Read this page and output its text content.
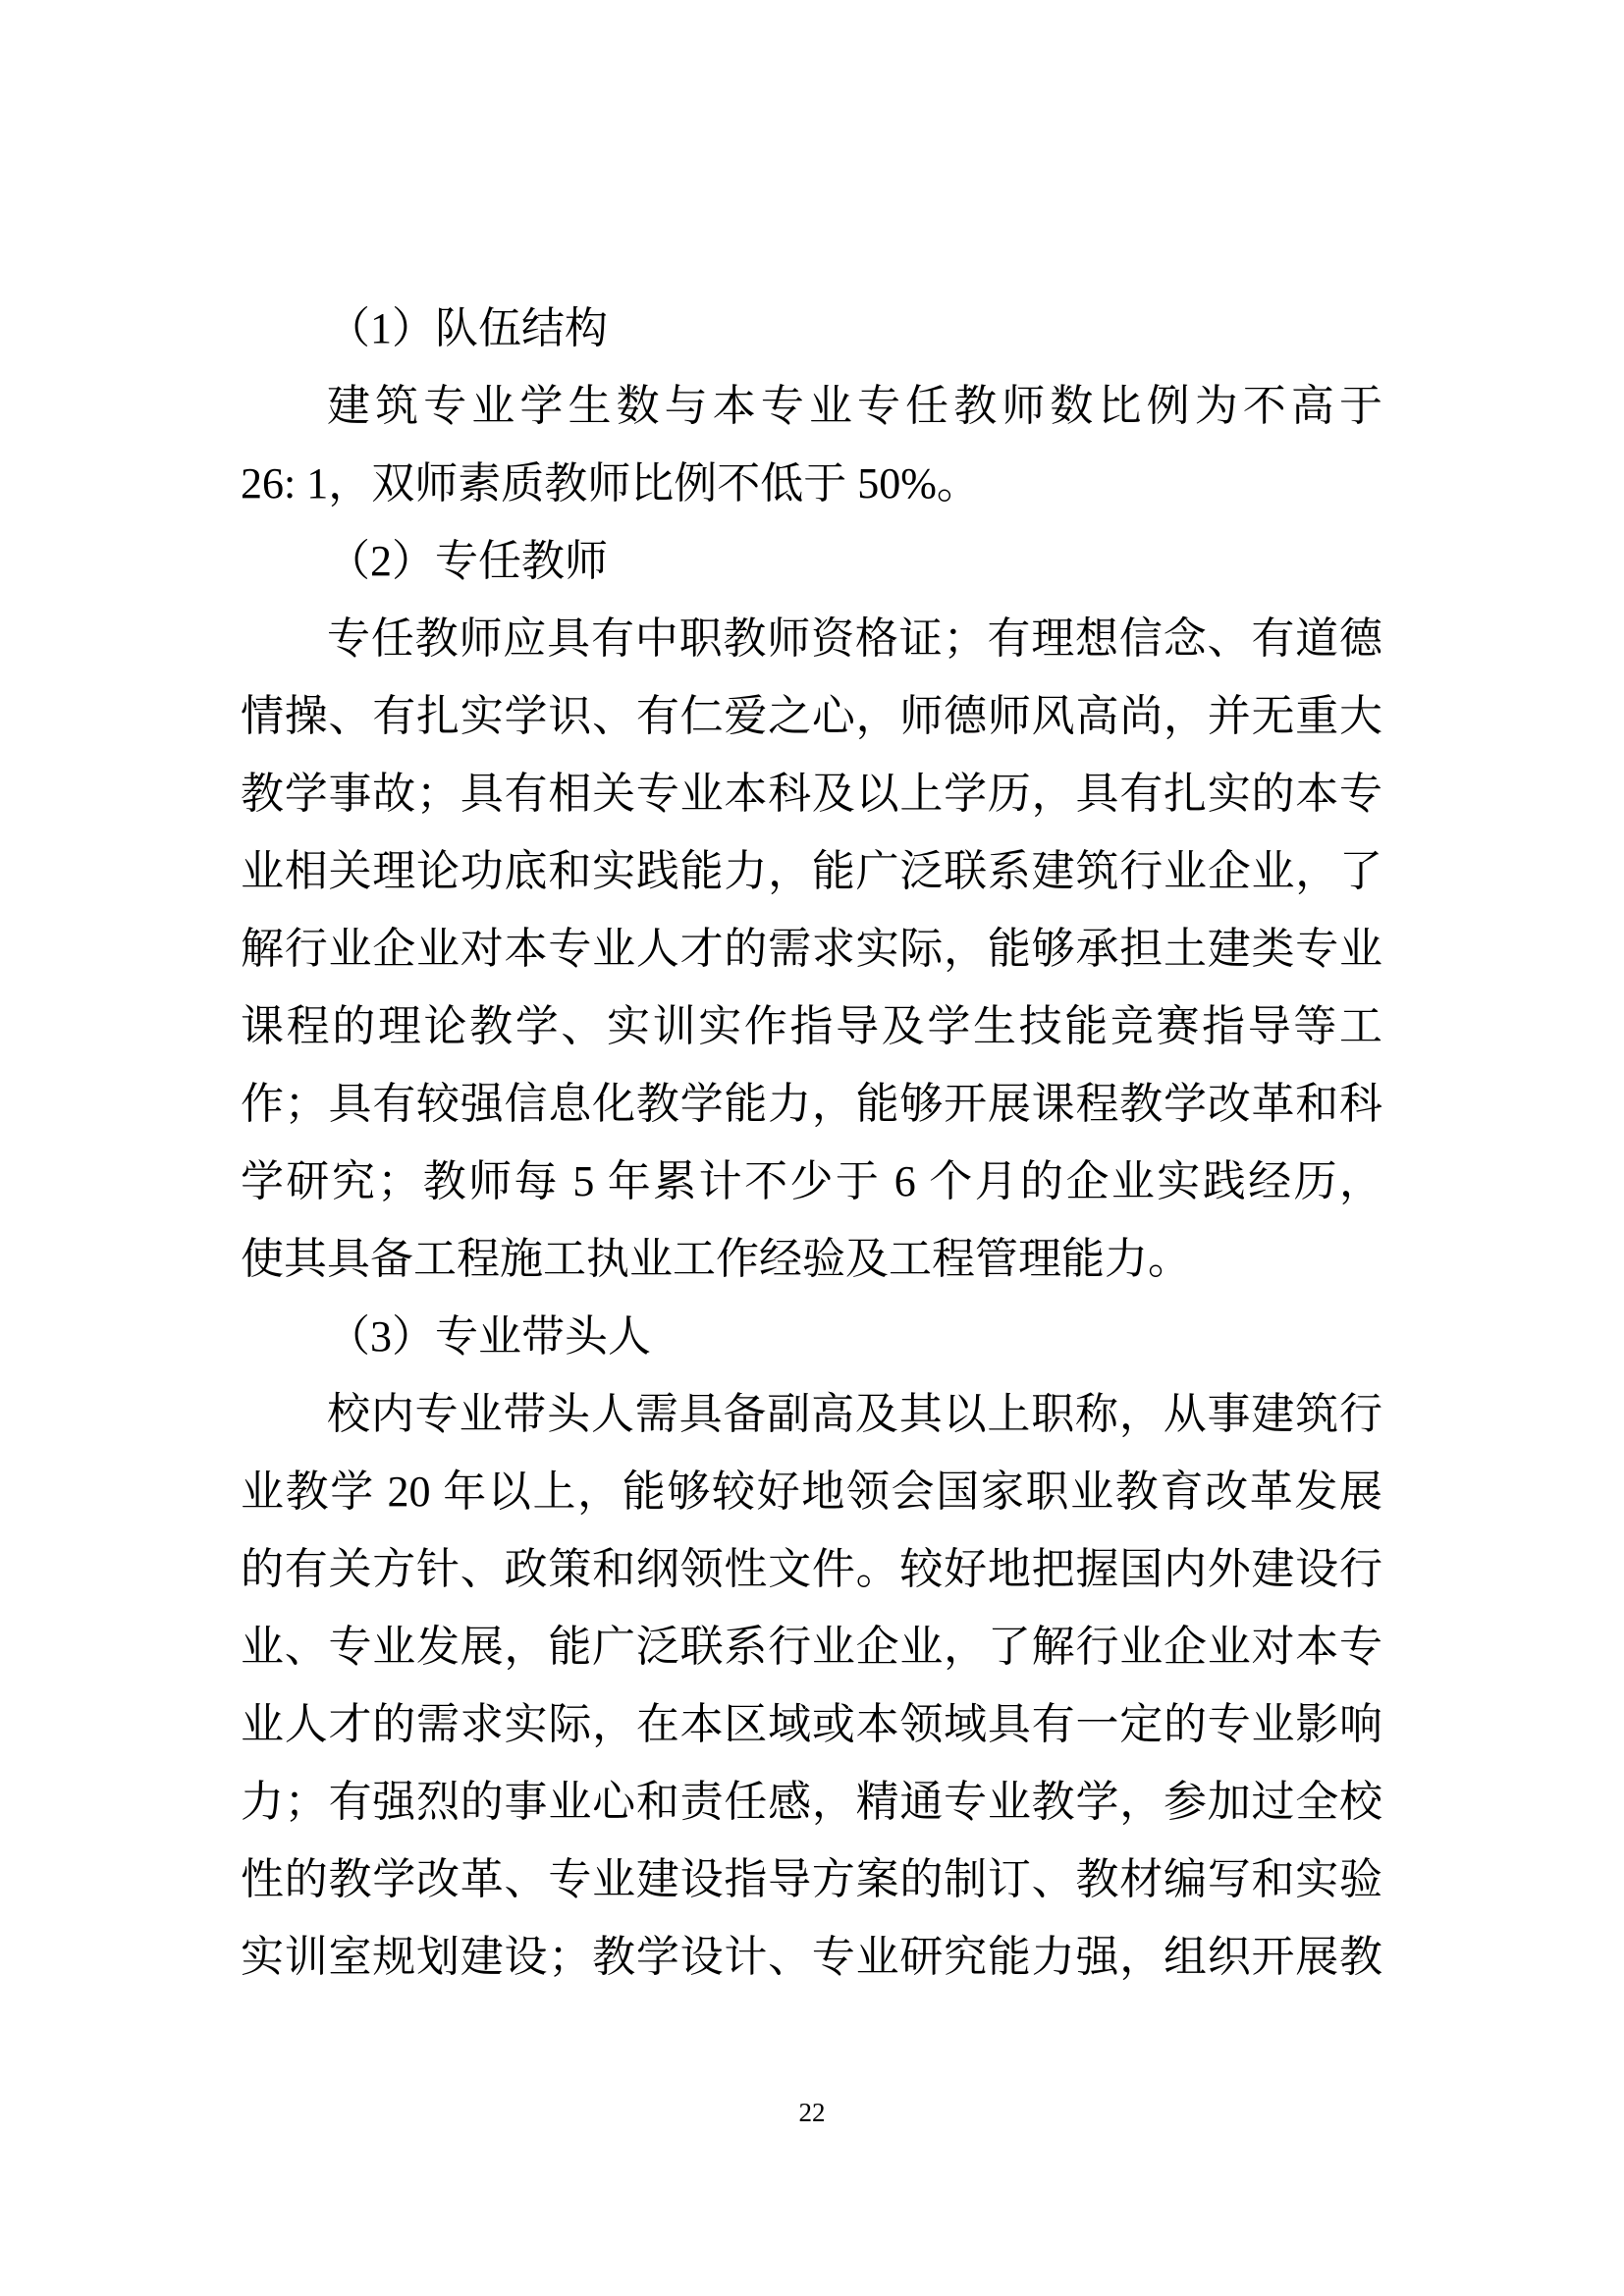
（1）队伍结构
建筑专业学生数与本专业专任教师数比例为不高于
26: 1，双师素质教师比例不低于 50%。
（2）专任教师
专任教师应具有中职教师资格证；有理想信念、有道德
情操、有扎实学识、有仁爱之心，师德师风高尚，并无重大
教学事故；具有相关专业本科及以上学历，具有扎实的本专
业相关理论功底和实践能力，能广泛联系建筑行业企业，了
解行业企业对本专业人才的需求实际，能够承担土建类专业
课程的理论教学、实训实作指导及学生技能竞赛指导等工
作；具有较强信息化教学能力，能够开展课程教学改革和科
学研究；教师每 5 年累计不少于 6 个月的企业实践经历，
使其具备工程施工执业工作经验及工程管理能力。
（3）专业带头人
校内专业带头人需具备副高及其以上职称，从事建筑行
业教学 20 年以上，能够较好地领会国家职业教育改革发展
的有关方针、政策和纲领性文件。较好地把握国内外建设行
业、专业发展，能广泛联系行业企业，了解行业企业对本专
业人才的需求实际，在本区域或本领域具有一定的专业影响
力；有强烈的事业心和责任感，精通专业教学，参加过全校
性的教学改革、专业建设指导方案的制订、教材编写和实验
实训室规划建设；教学设计、专业研究能力强，组织开展教
22
